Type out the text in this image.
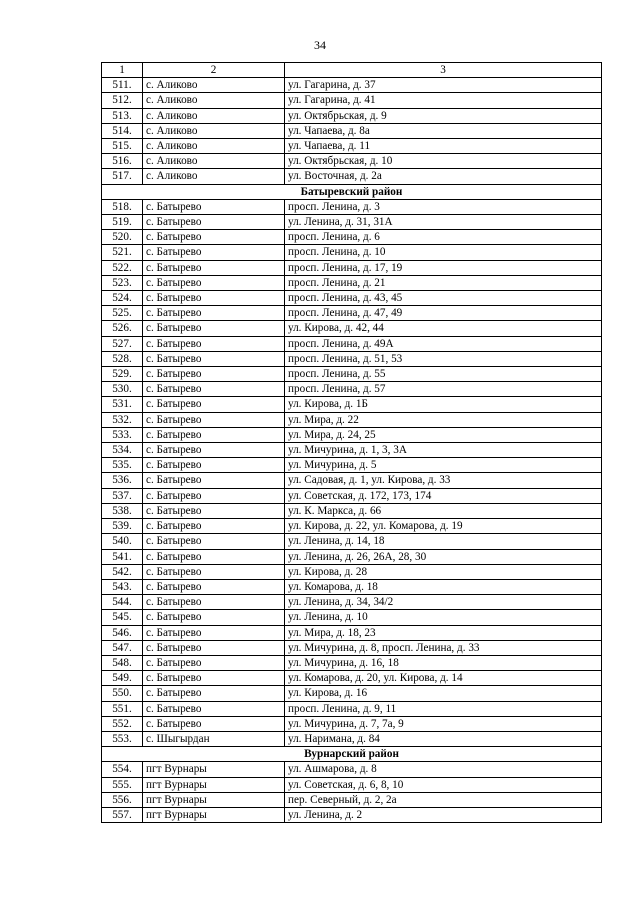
34
1	2	3
511.	с. Аликово	ул. Гагарина, д. 37
512.	с. Аликово	ул. Гагарина, д. 41
513.	с. Аликово	ул. Октябрьская, д. 9
514.	с. Аликово	ул. Чапаева, д. 8а
515.	с. Аликово	ул. Чапаева, д. 11
516.	с. Аликово	ул. Октябрьская, д. 10
517.	с. Аликово	ул. Восточная, д. 2а
Батыревский район		
518.	с. Батырево	просп. Ленина, д. 3
519.	с. Батырево	ул. Ленина, д. 31, 31А
520.	с. Батырево	просп. Ленина, д. 6
521.	с. Батырево	просп. Ленина, д. 10
522.	с. Батырево	просп. Ленина, д. 17, 19
523.	с. Батырево	просп. Ленина, д. 21
524.	с. Батырево	просп. Ленина, д. 43, 45
525.	с. Батырево	просп. Ленина, д. 47, 49
526.	с. Батырево	ул. Кирова, д. 42, 44
527.	с. Батырево	просп. Ленина, д. 49А
528.	с. Батырево	просп. Ленина, д. 51, 53
529.	с. Батырево	просп. Ленина, д. 55
530.	с. Батырево	просп. Ленина, д. 57
531.	с. Батырево	ул. Кирова, д. 1Б
532.	с. Батырево	ул. Мира, д. 22
533.	с. Батырево	ул. Мира, д. 24, 25
534.	с. Батырево	ул. Мичурина, д. 1, 3, 3А
535.	с. Батырево	ул. Мичурина, д. 5
536.	с. Батырево	ул. Садовая, д. 1, ул. Кирова, д. 33
537.	с. Батырево	ул. Советская, д. 172, 173, 174
538.	с. Батырево	ул. К. Маркса, д. 66
539.	с. Батырево	ул. Кирова, д. 22, ул. Комарова, д. 19
540.	с. Батырево	ул. Ленина, д. 14, 18
541.	с. Батырево	ул. Ленина, д. 26, 26А, 28, 30
542.	с. Батырево	ул. Кирова, д. 28
543.	с. Батырево	ул. Комарова, д. 18
544.	с. Батырево	ул. Ленина, д. 34, 34/2
545.	с. Батырево	ул. Ленина, д. 10
546.	с. Батырево	ул. Мира, д. 18, 23
547.	с. Батырево	ул. Мичурина, д. 8, просп. Ленина, д. 33
548.	с. Батырево	ул. Мичурина, д. 16, 18
549.	с. Батырево	ул. Комарова, д. 20, ул. Кирова, д. 14
550.	с. Батырево	ул. Кирова, д. 16
551.	с. Батырево	просп. Ленина, д. 9, 11
552.	с. Батырево	ул. Мичурина, д. 7, 7а, 9
553.	с. Шыгырдан	ул. Наримана, д. 84
Вурнарский район		
554.	пгт Вурнары	ул. Ашмарова, д. 8
555.	пгт Вурнары	ул. Советская, д. 6, 8, 10
556.	пгт Вурнары	пер. Северный, д. 2, 2а
557.	пгт Вурнары	ул. Ленина, д. 2
